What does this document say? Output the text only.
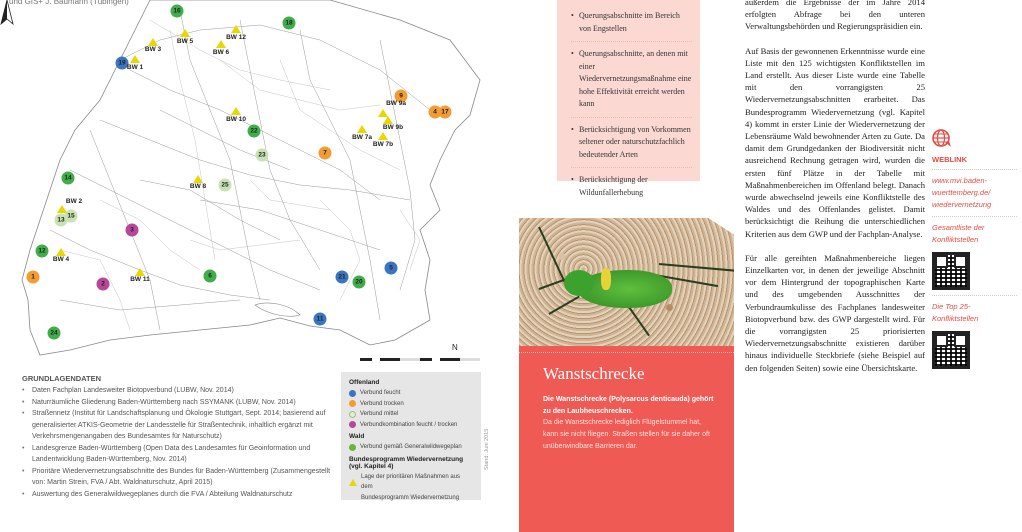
und GIS+ J. Baumann (Tübingen)
16
18
19
9
4 17
22
7
23
14
25
13
15
3
12
1
2
6
5
21
20
11
24
BW 3
BW 5
BW 12
BW 6
BW 1
BW 9a
BW 9b
BW 10
BW 7a
BW 7b
BW 8
BW 2
BW 4
BW 11
N
GRUNDLAGENDATEN
• Daten Fachplan Landesweiter Biotopverbund (LUBW, Nov. 2014)
• Naturräumliche Gliederung Baden-Württemberg nach SSYMANK (LUBW, Nov. 2014)
• Straßennetz (Institut für Landschaftsplanung und Ökologie Stuttgart, Sept. 2014; basierend auf generalisierter ATKIS-Geometrie der Landesstelle für Straßentechnik, inhaltlich ergänzt mit Verkehrsmengenangaben des Bundesamtes für Naturschutz)
• Landesgrenze Baden-Württemberg (Open Data des Landesamtes für Geoinformation und Landentwicklung Baden-Württemberg, Nov. 2014)
• Prioritäre Wiedervernetzungsabschnitte des Bundes für Baden-Württemberg (Zusammengestellt von: Martin Strein, FVA / Abt. Waldnaturschutz, April 2015)
• Auswertung des Generalwildwegeplanes durch die FVA / Abteilung Waldnaturschutz
Offenland
Verbund feucht
Verbund trocken
Verbund mittel
Verbundkombination feucht / trocken
Wald
Verbund gemäß Generalwildwegeplan
Bundesprogramm Wiedervernetzung
(vgl. Kapitel 4)
Lage der prioritären Maßnahmen aus dem
Bundesprogramm Wiedervernetzung
Stand: Juni 2015
• Querungsabschnitte im Bereich von Engstellen
• Querungsabschnitte, an denen mit einer Wiedervernetzungsmaßnahme eine hohe Effektivität erreicht werden kann
• Berücksichtigung von Vorkommen seltener oder naturschutzfachlich bedeutender Arten
• Berücksichtigung der Wildunfallerhebung

außerdem die Ergebnisse der im Jahre 2014 erfolgten Abfrage bei den unteren Verwaltungsbehörden und Regierungspräsidien ein.

Auf Basis der gewonnenen Erkenntnisse wurde eine Liste mit den 125 wichtigsten Konfliktstellen im Land erstellt. Aus dieser Liste wurde eine Tabelle mit den vorrangigsten 25 Wiedervernetzungsabschnitten erarbeitet. Das Bundesprogramm Wiedervernetzung (vgl. Kapitel 4) kommt in erster Linie der Wiedervernetzung der Lebensräume Wald bewohnender Arten zu Gute. Da damit dem Grundgedanken der Biodiversität nicht ausreichend Rechnung getragen wird, wurden die ersten fünf Plätze in der Tabelle mit Maßnahmenbereichen im Offenland belegt. Danach wurde abwechselnd jeweils eine Konfliktstelle des Waldes und des Offenlandes gelistet. Damit berücksichtigt die Reihung die unterschiedlichen Kriterien aus dem GWP und der Fachplan-Analyse.

Für alle gereihten Maßnahmenbereiche liegen Einzelkarten vor, in denen der jeweilige Abschnitt vor dem Hintergrund der topographischen Karte und des umgebenden Ausschnittes der Verbundraumkulisse des Fachplanes landesweiter Biotopverbund bzw. des GWP dargestellt wird. Für die vorrangigsten 25 priorisierten Wiedervernetzungsabschnitte existieren darüber hinaus individuelle Steckbriefe (siehe Beispiel auf den folgenden Seiten) sowie eine Übersichtskarte.

WEBLINK
www.mvi.baden-
wuerttemberg.de/
wiedervernetzung
Gesamtliste der
Konfliktstellen
Die Top 25-
Konfliktstellen
Wanstschrecke
Die Wanstschrecke (Polysarcus denticauda) gehört zu den Laubheuschrecken.
Da die Wanstschrecke lediglich Flügelstummel hat, kann sie nicht fliegen. Straßen stellen für sie daher oft unüberwindbare Barrieren dar.
